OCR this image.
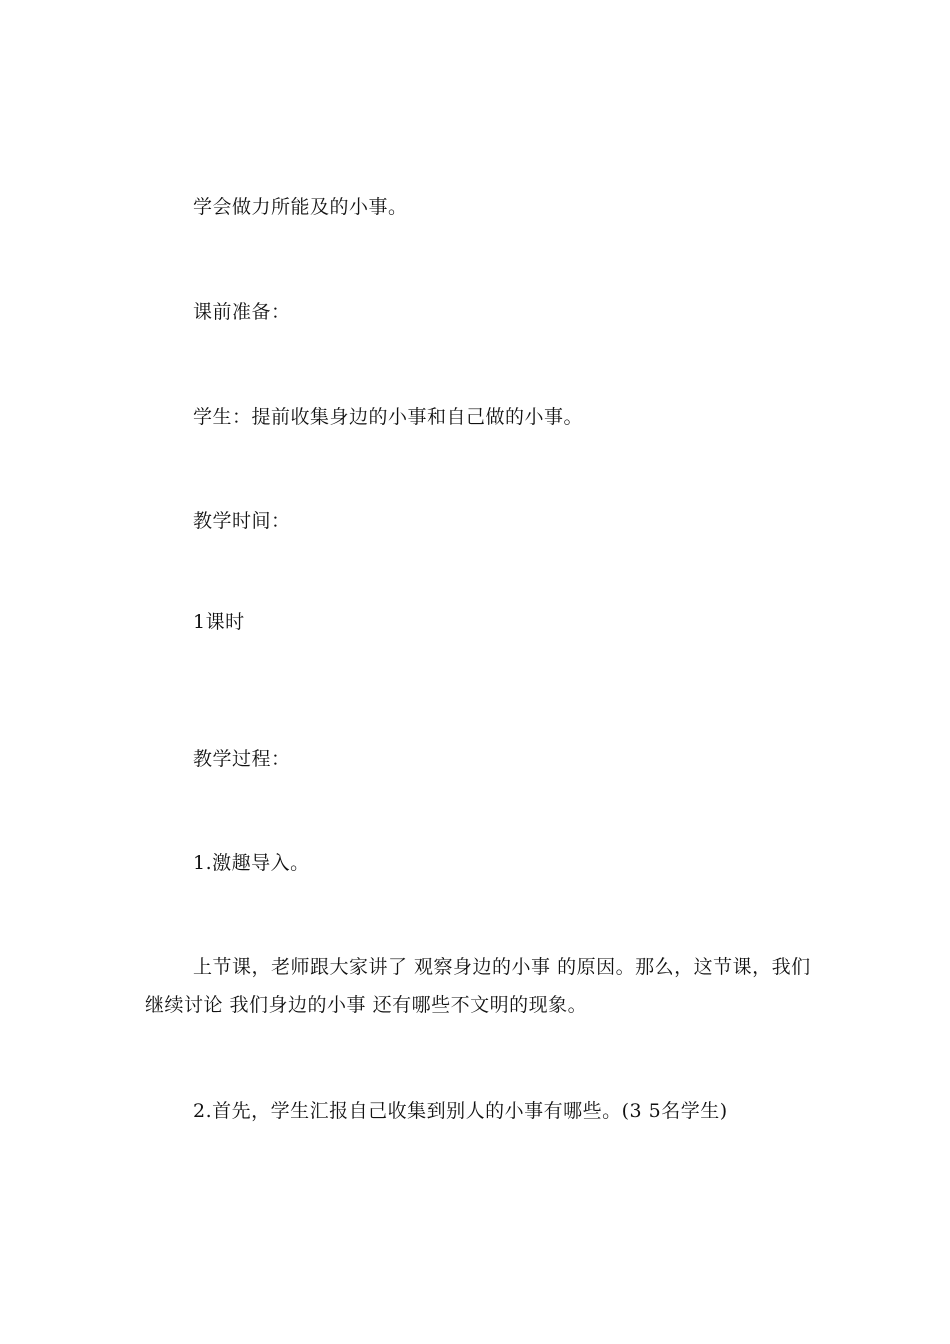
学会做力所能及的小事。

课前准备：

学生：提前收集身边的小事和自己做的小事。

教学时间：

1课时

教学过程：

1.激趣导入。

上节课，老师跟大家讲了 观察身边的小事 的原因。那么，这节课，我们继续讨论 我们身边的小事 还有哪些不文明的现象。

2.首先，学生汇报自己收集到别人的小事有哪些。(3 5名学生)
